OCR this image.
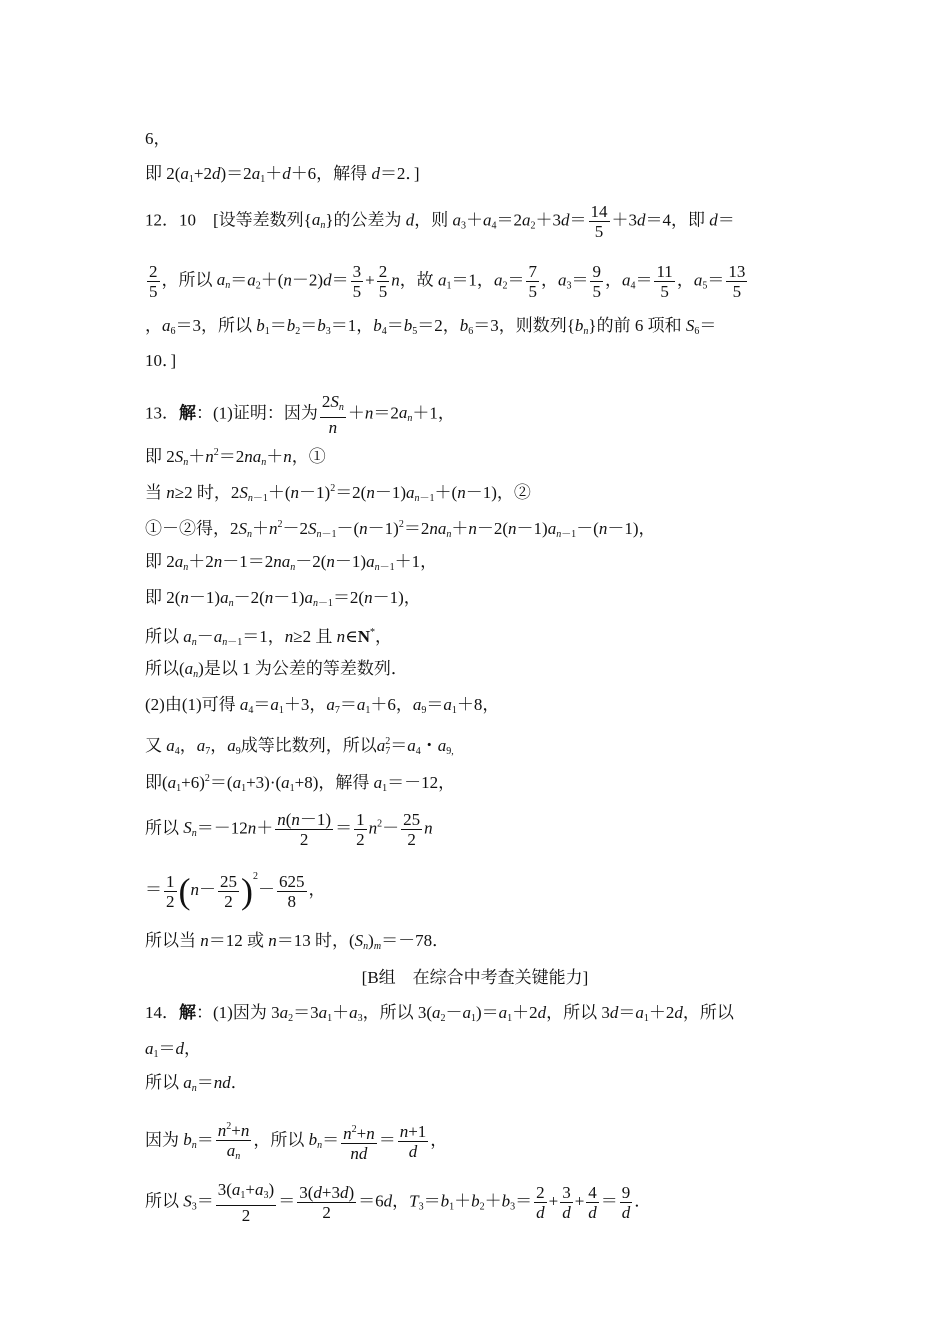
6，
即 $2(a_1+2d)=2a_1+d+6$，解得 d＝2．]
12．10　[设等差数列$\{a_n\}$的公差为 d，则 $a_3+a_4=2a_2+3d= \frac{14}{5} +3d=4$，即 d＝
$\frac{2}{5}$ ，所以 $a_n=a_2+(n-2)d= \frac{3}{5} + \frac{2}{5}$ n，故 $a_1=1$，$a_2= \frac{7}{5}$ ，$a_3= \frac{9}{5}$ ，$a_4= \frac{11}{5}$ ，$a_5= \frac{13}{5}$
，$a_6=3$，所以 $b_1=b_2=b_3=1$，$b_4=b_5=2$，$b_6=3$，则数列$\{b_n\}$的前 6 项和 $S_6=$
10．]
13．解：(1)证明：因为 $\frac{2S_n}{n} +n=2a_n+1$，
即 $2S_n+n^2=2na_n+n$，①
当 n≥2 时，$2S_{n-1}+(n-1)^2=2(n-1)a_{n-1}+(n-1)$，②
①－②得，$2S_n+n^2-2S_{n-1}-(n-1)^2=2na_n+n-2(n-1)a_{n-1}-(n-1)$，
即 $2a_n+2n-1=2na_n-2(n-1)a_{n-1}+1$，
即 $2(n-1)a_n-2(n-1)a_{n-1}=2(n-1)$，
所以 $a_n-a_{n-1}=1$，n≥2 且 n∈N*，
所以$(a_n)$是以 1 为公差的等差数列．
(2)由(1)可得 $a_4=a_1+3$，$a_7=a_1+6$，$a_9=a_1+8$，
又 $a_4$，$a_7$，$a_9$成等比数列，所以$a_7^2=a_4$・$a_{9,}$
即$(a_1+6)^2=(a_1+3)\cdot(a_1+8)$，解得 $a_1=-12$，
所以 $S_n=-12n+ \frac{n(n-1)}{2} = \frac{1}{2} n^2- \frac{25}{2}$ n
＝ $\frac{1}{2} (n- \frac{25}{2} )^2- \frac{625}{8}$ ，
所以当 n＝12 或 n＝13 时，$(S_n)_m=-78$．
[B组　在综合中考查关键能力]
14．解：(1)因为 $3a_2=3a_1+a_3$，所以 $3(a_2-a_1)=a_1+2d$，所以 $3d=a_1+2d$，所以
$a_1=d$，
所以 $a_n=nd$．
因为 $b_n= \frac{n^2+n}{a_n}$ ，所以 $b_n= \frac{n^2+n}{nd} = \frac{n+1}{d}$ ，
所以 $S_3= \frac{3(a_1+a_3)}{2} = \frac{3(d+3d)}{2} =6d$，$T_3=b_1+b_2+b_3= \frac{2}{d} + \frac{3}{d} + \frac{4}{d} = \frac{9}{d}$ ．
